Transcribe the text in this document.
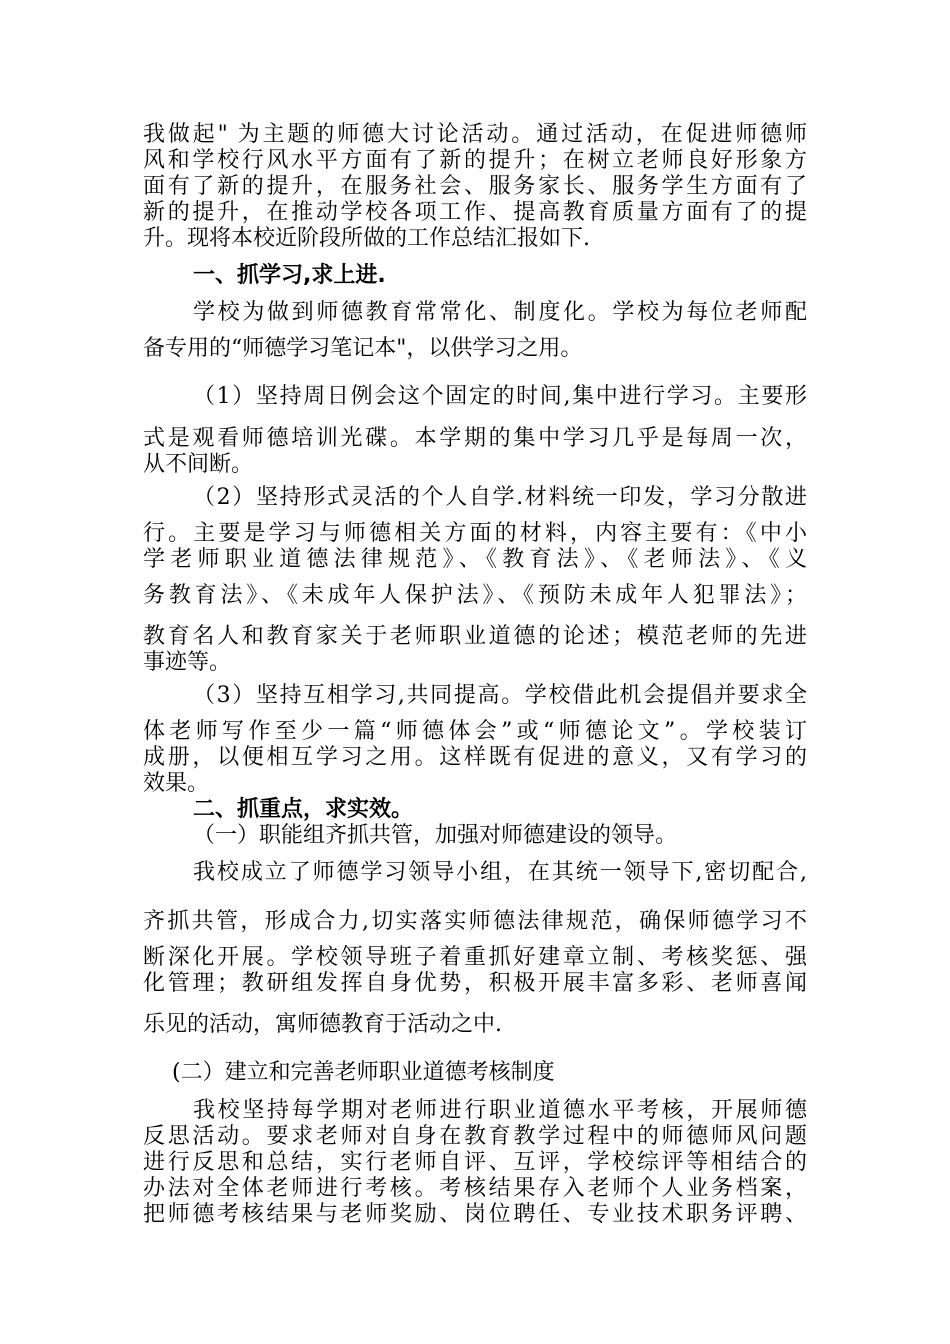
我做起" 为主题的师德大讨论活动。通过活动，在促进师德师
风和学校行风水平方面有了新的提升；在树立老师良好形象方
面有了新的提升，在服务社会、服务家长、服务学生方面有了
新的提升，在推动学校各项工作、提高教育质量方面有了的提
升。现将本校近阶段所做的工作总结汇报如下.
一、抓学习,求上进.
学校为做到师德教育常常化、制度化。学校为每位老师配
备专用的“师德学习笔记本"，以供学习之用。
（1）坚持周日例会这个固定的时间,集中进行学习。主要形
式是观看师德培训光碟。本学期的集中学习几乎是每周一次，
从不间断。
（2）坚持形式灵活的个人自学.材料统一印发，学习分散进
行。主要是学习与师德相关方面的材料，内容主要有：《中小
学老师职业道德法律规范》、《教育法》、《老师法》、《义
务教育法》、《未成年人保护法》、《预防未成年人犯罪法》；
教育名人和教育家关于老师职业道德的论述；模范老师的先进
事迹等。
（3）坚持互相学习,共同提高。学校借此机会提倡并要求全
体老师写作至少一篇“师德体会”或“师德论文”。学校装订
成册，以便相互学习之用。这样既有促进的意义，又有学习的
效果。
二、抓重点，求实效。
（一）职能组齐抓共管，加强对师德建设的领导。
我校成立了师德学习领导小组，在其统一领导下,密切配合,
齐抓共管，形成合力,切实落实师德法律规范，确保师德学习不
断深化开展。学校领导班子着重抓好建章立制、考核奖惩、强
化管理；教研组发挥自身优势，积极开展丰富多彩、老师喜闻
乐见的活动，寓师德教育于活动之中.
(二）建立和完善老师职业道德考核制度
我校坚持每学期对老师进行职业道德水平考核，开展师德
反思活动。要求老师对自身在教育教学过程中的师德师风问题
进行反思和总结，实行老师自评、互评，学校综评等相结合的
办法对全体老师进行考核。考核结果存入老师个人业务档案，
把师德考核结果与老师奖励、岗位聘任、专业技术职务评聘、
